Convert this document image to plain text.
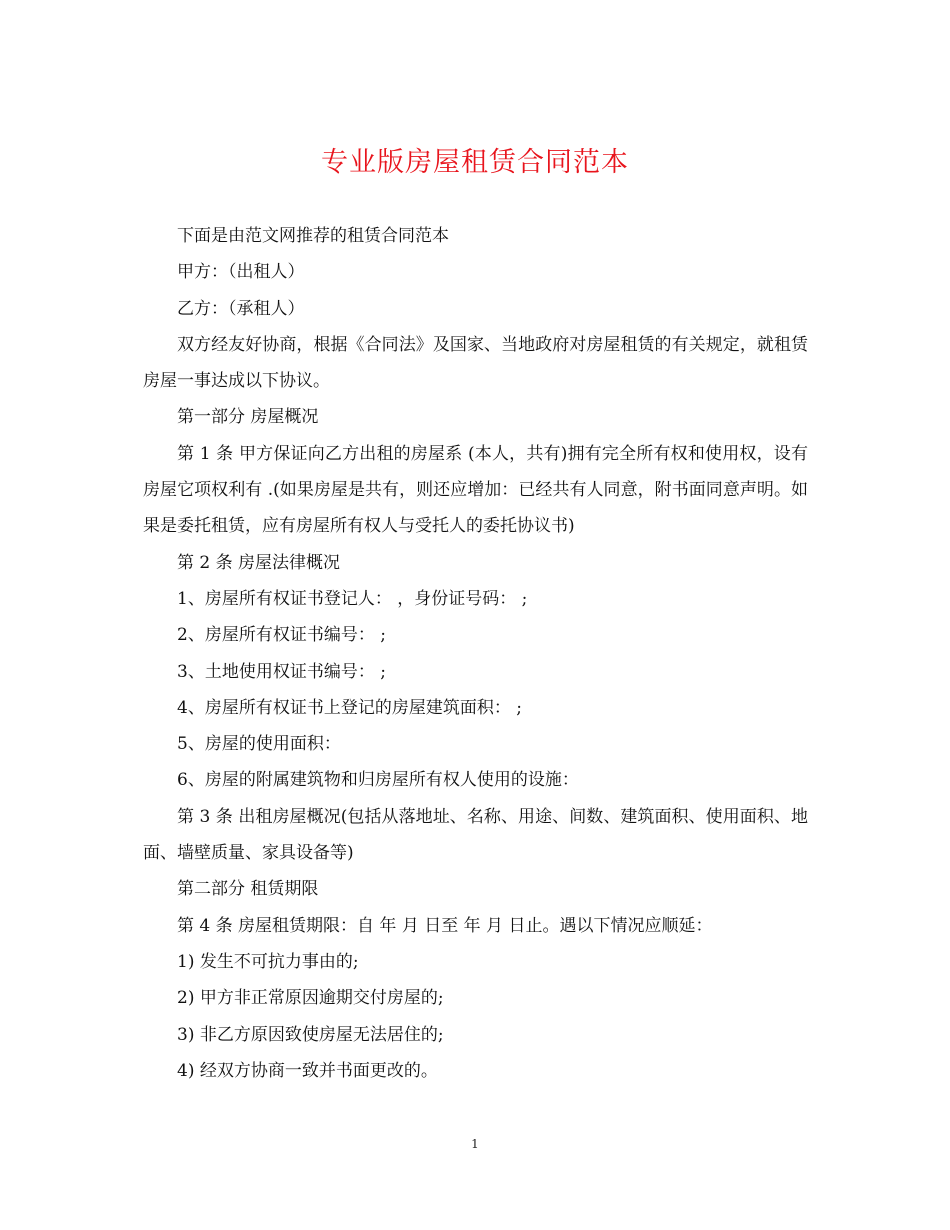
专业版房屋租赁合同范本

下面是由范文网推荐的租赁合同范本

甲方：（出租人）

乙方：（承租人）

双方经友好协商，根据《合同法》及国家、当地政府对房屋租赁的有关规定，就租赁房屋一事达成以下协议。

第一部分 房屋概况

第 1 条 甲方保证向乙方出租的房屋系 (本人，共有)拥有完全所有权和使用权，设有房屋它项权利有 .(如果房屋是共有，则还应增加：已经共有人同意，附书面同意声明。如果是委托租赁，应有房屋所有权人与受托人的委托协议书)

第 2 条 房屋法律概况

1、房屋所有权证书登记人： ，身份证号码： ;

2、房屋所有权证书编号： ;

3、土地使用权证书编号： ;

4、房屋所有权证书上登记的房屋建筑面积： ;

5、房屋的使用面积：

6、房屋的附属建筑物和归房屋所有权人使用的设施：

第 3 条 出租房屋概况(包括从落地址、名称、用途、间数、建筑面积、使用面积、地面、墙壁质量、家具设备等)

第二部分 租赁期限

第 4 条 房屋租赁期限：自 年 月 日至 年 月 日止。遇以下情况应顺延：

1) 发生不可抗力事由的;

2) 甲方非正常原因逾期交付房屋的;

3) 非乙方原因致使房屋无法居住的;

4) 经双方协商一致并书面更改的。

1
